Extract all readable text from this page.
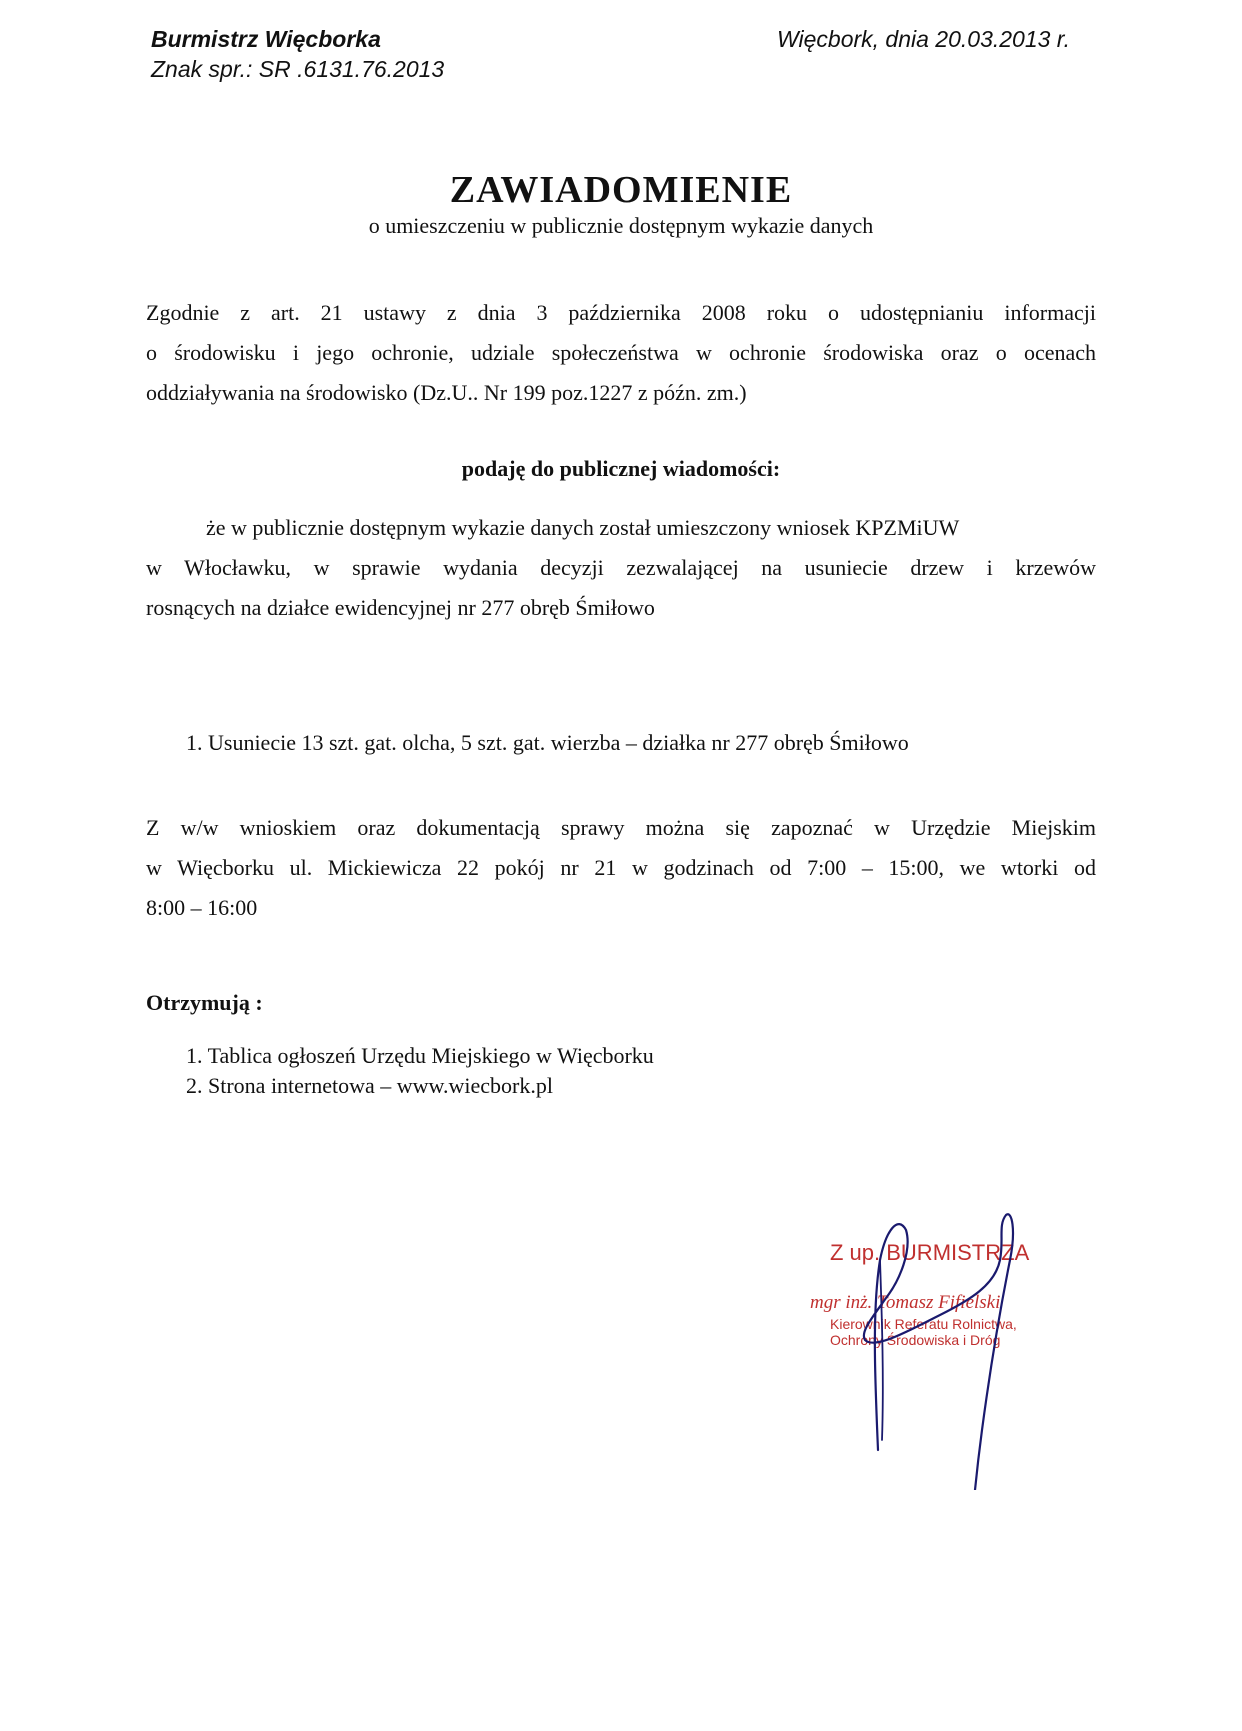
Burmistrz Więcborka
Znak spr.: SR .6131.76.2013
Więcbork, dnia 20.03.2013 r.
ZAWIADOMIENIE
o umieszczeniu w publicznie dostępnym wykazie danych
Zgodnie z art. 21 ustawy z dnia 3 października 2008 roku o udostępnianiu informacji
o środowisku i jego ochronie, udziale społeczeństwa w ochronie środowiska oraz o ocenach
oddziaływania na środowisko (Dz.U.. Nr 199 poz.1227 z późn. zm.)
podaję do publicznej wiadomości:
że w publicznie dostępnym wykazie danych został umieszczony wniosek KPZMiUW
w Włocławku, w sprawie wydania decyzji zezwalającej na usuniecie drzew i krzewów
rosnących na działce ewidencyjnej nr 277 obręb Śmiłowo
1. Usuniecie 13 szt. gat. olcha, 5 szt. gat. wierzba – działka nr 277 obręb Śmiłowo
Z w/w wnioskiem oraz dokumentacją sprawy można się zapoznać w Urzędzie Miejskim
w Więcborku ul. Mickiewicza 22 pokój nr 21 w godzinach od 7:00 – 15:00, we wtorki od
8:00 – 16:00
Otrzymują :
1. Tablica ogłoszeń Urzędu Miejskiego w Więcborku
2. Strona internetowa – www.wiecbork.pl
Z up. BURMISTRZA
mgr inż. Tomasz Fifielski
Kierownik Referatu Rolnictwa,
Ochrony Środowiska i Dróg
